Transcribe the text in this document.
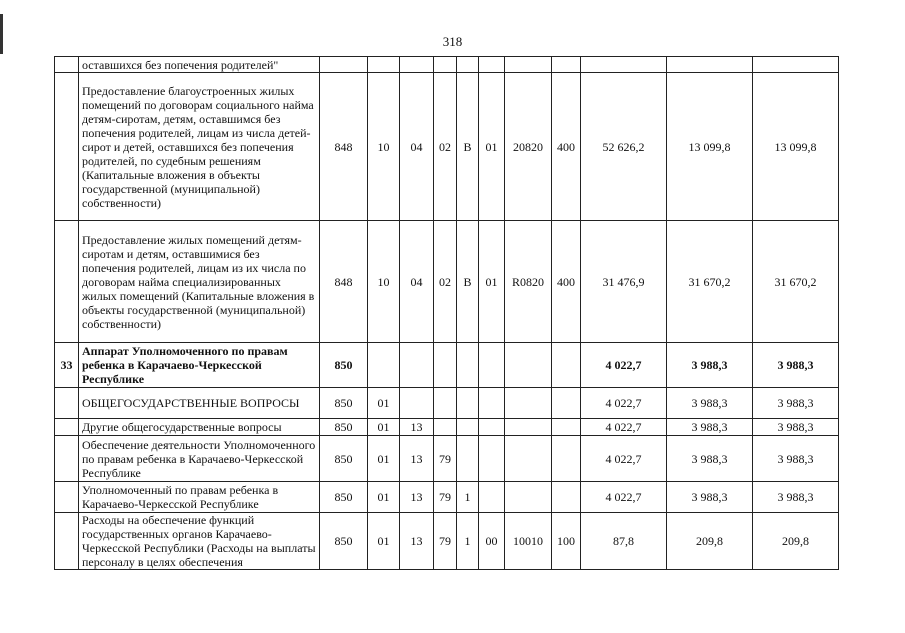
318
	оставшихся без попечения родителей"											
	Предоставление благоустроенных жилых помещений по договорам социального найма детям-сиротам, детям, оставшимся без попечения родителей, лицам из числа детей-сирот и детей, оставшихся без попечения родителей, по судебным решениям (Капитальные вложения в объекты государственной (муниципальной) собственности)	848	10	04	02	В	01	20820	400	52 626,2	13 099,8	13 099,8
	Предоставление жилых помещений детям-сиротам и детям, оставшимися без попечения родителей, лицам из их числа по договорам найма специализированных жилых помещений (Капитальные вложения в объекты государственной (муниципальной) собственности)	848	10	04	02	В	01	R0820	400	31 476,9	31 670,2	31 670,2
33	Аппарат Уполномоченного по правам ребенка в Карачаево-Черкесской Республике	850								4 022,7	3 988,3	3 988,3
	ОБЩЕГОСУДАРСТВЕННЫЕ ВОПРОСЫ	850	01							4 022,7	3 988,3	3 988,3
	Другие общегосударственные вопросы	850	01	13						4 022,7	3 988,3	3 988,3
	Обеспечение деятельности Уполномоченного по правам ребенка в Карачаево-Черкесской Республике	850	01	13	79					4 022,7	3 988,3	3 988,3
	Уполномоченный по правам ребенка в Карачаево-Черкесской Республике	850	01	13	79	1				4 022,7	3 988,3	3 988,3
	Расходы на обеспечение функций государственных органов Карачаево-Черкесской Республики (Расходы на выплаты персоналу в целях обеспечения	850	01	13	79	1	00	10010	100	87,8	209,8	209,8
